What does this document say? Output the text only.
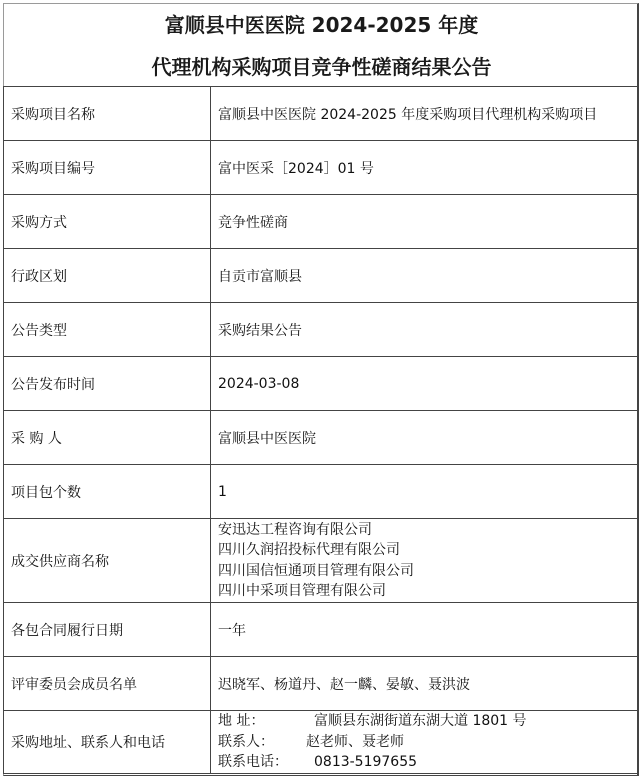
富顺县中医医院 2024-2025 年度
代理机构采购项目竞争性磋商结果公告
采购项目名称	富顺县中医医院 2024-2025 年度采购项目代理机构采购项目
采购项目编号	富中医采［2024］01 号
采购方式	竞争性磋商
行政区划	自贡市富顺县
公告类型	采购结果公告
公告发布时间	2024-03-08
采 购 人	富顺县中医医院
项目包个数	1
成交供应商名称	安迅达工程咨询有限公司
四川久润招投标代理有限公司
四川国信恒通项目管理有限公司
四川中采项目管理有限公司

各包合同履行日期	一年
评审委员会成员名单	迟晓军、杨道丹、赵一麟、晏敏、聂洪波
采购地址、联系人和电话	地 址： 富顺县东湖街道东湖大道 1801 号
联系人： 赵老师、聂老师
联系电话： 0813-5197655
